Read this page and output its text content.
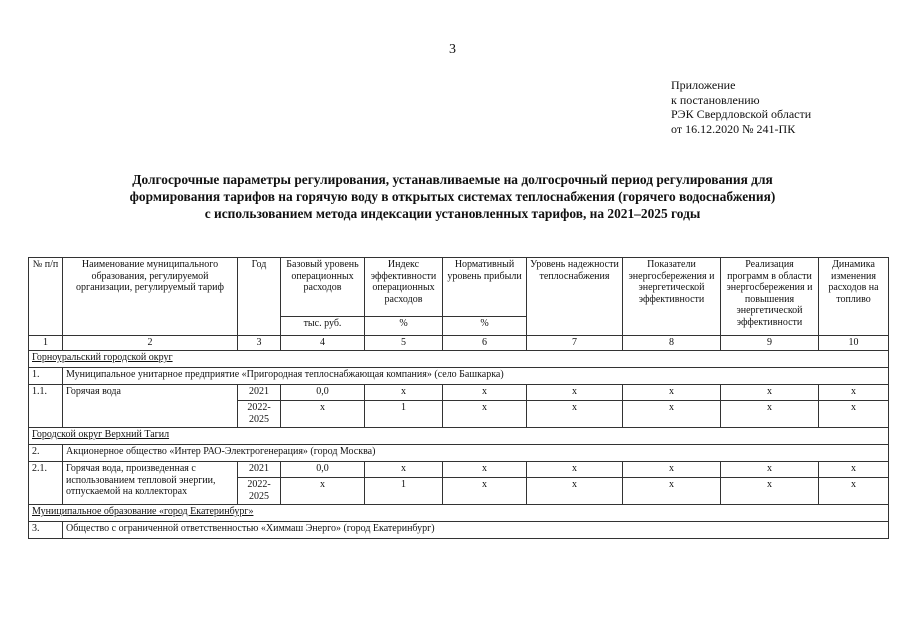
3
Приложение
к постановлению
РЭК Свердловской области
от 16.12.2020 № 241-ПК
Долгосрочные параметры регулирования, устанавливаемые на долгосрочный период регулирования для
формирования тарифов на горячую воду в открытых системах теплоснабжения (горячего водоснабжения)
с использованием метода индексации установленных тарифов, на 2021–2025 годы
№ п/п	Наименование муниципального образования, регулируемой организации, регулируемый тариф	Год	Базовый уровень операционных расходов	Индекс эффективности операционных расходов	Нормативный уровень прибыли	Уровень надежности теплоснабжения	Показатели энергосбережения и энергетической эффективности	Реализация программ в области энергосбережения и повышения энергетической эффективности	Динамика изменения расходов на топливо
			тыс. руб.	%	%				
1	2	3	4	5	6	7	8	9	10
Горноуральский городской округ									
1.	Муниципальное унитарное предприятие «Пригородная теплоснабжающая компания» (село Башкарка)								
1.1.	Горячая вода	2021	0,0	х	х	х	х	х	х
		2022-2025	х	1	х	х	х	х	х
Городской округ Верхний Тагил									
2.	Акционерное общество «Интер РАО-Электрогенерация» (город Москва)								
2.1.	Горячая вода, произведенная с использованием тепловой энергии, отпускаемой на коллекторах	2021	0,0	х	х	х	х	х	х
		2022-2025	х	1	х	х	х	х	х
Муниципальное образование «город Екатеринбург»									
3.	Общество с ограниченной ответственностью «Химмаш Энерго» (город Екатеринбург)								
